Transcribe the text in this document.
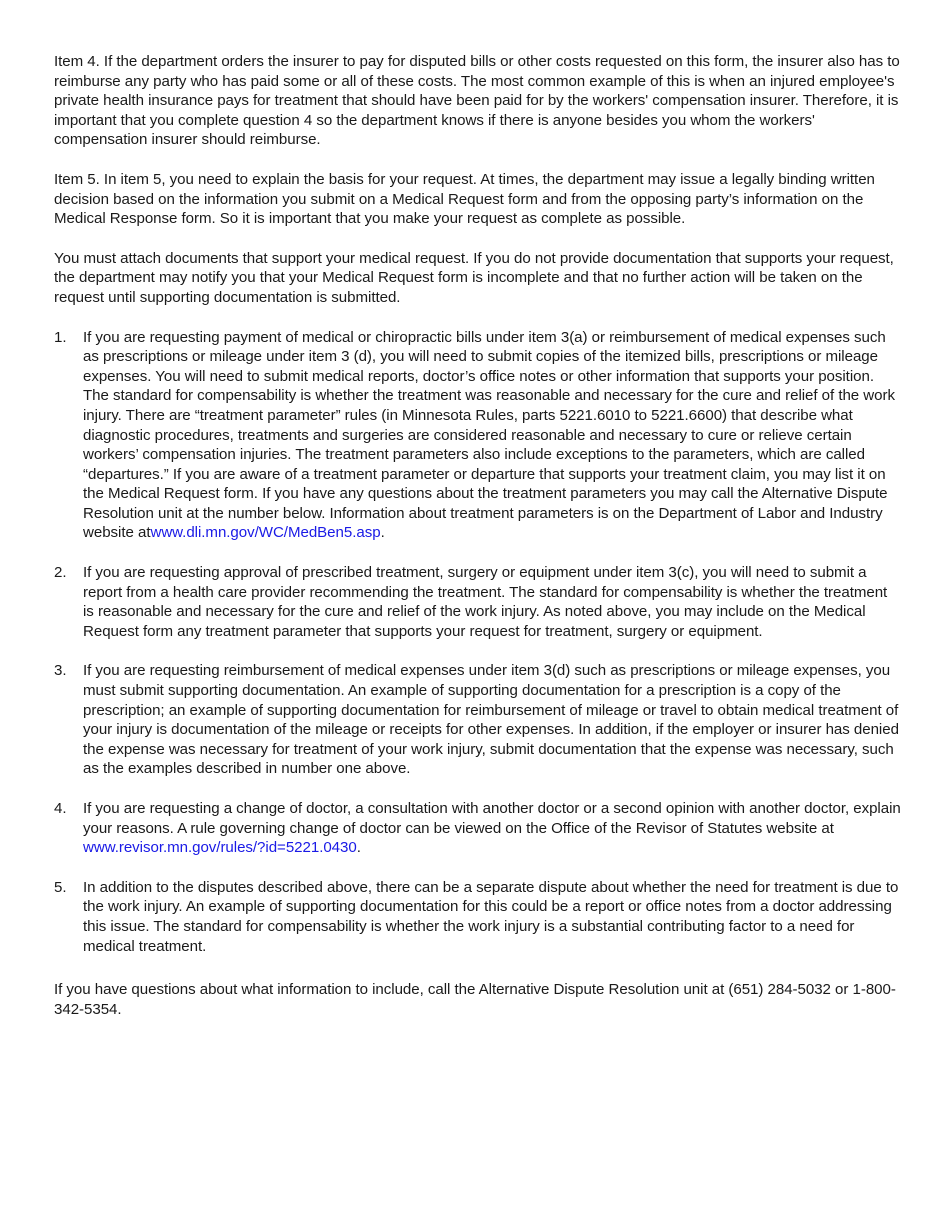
Item 4. If the department orders the insurer to pay for disputed bills or other costs requested on this form, the insurer also has to reimburse any party who has paid some or all of these costs. The most common example of this is when an injured employee's private health insurance pays for treatment that should have been paid for by the workers' compensation insurer. Therefore, it is important that you complete question 4 so the department knows if there is anyone besides you whom the workers' compensation insurer should reimburse.

Item 5. In item 5, you need to explain the basis for your request. At times, the department may issue a legally binding written decision based on the information you submit on a Medical Request form and from the opposing party’s information on the Medical Response form. So it is important that you make your request as complete as possible.

You must attach documents that support your medical request. If you do not provide documentation that supports your request, the department may notify you that your Medical Request form is incomplete and that no further action will be taken on the request until supporting documentation is submitted.

1.	If you are requesting payment of medical or chiropractic bills under item 3(a) or reimbursement of medical expenses such as prescriptions or mileage under item 3 (d), you will need to submit copies of the itemized bills, prescriptions or mileage expenses. You will need to submit medical reports, doctor’s office notes or other information that supports your position. The standard for compensability is whether the treatment was reasonable and necessary for the cure and relief of the work injury. There are “treatment parameter” rules (in Minnesota Rules, parts 5221.6010 to 5221.6600) that describe what diagnostic procedures, treatments and surgeries are considered reasonable and necessary to cure or relieve certain workers’ compensation injuries. The treatment parameters also include exceptions to the parameters, which are called “departures.” If you are aware of a treatment parameter or departure that supports your treatment claim, you may list it on the Medical Request form. If you have any questions about the treatment parameters you may call the Alternative Dispute Resolution unit at the number below. Information about treatment parameters is on the Department of Labor and Industry website atwww.dli.mn.gov/WC/MedBen5.asp.
2.	If you are requesting approval of prescribed treatment, surgery or equipment under item 3(c), you will need to submit a report from a health care provider recommending the treatment. The standard for compensability is whether the treatment is reasonable and necessary for the cure and relief of the work injury. As noted above, you may include on the Medical Request form any treatment parameter that supports your request for treatment, surgery or equipment.
3.	If you are requesting reimbursement of medical expenses under item 3(d) such as prescriptions or mileage expenses, you must submit supporting documentation. An example of supporting documentation for a prescription is a copy of the prescription; an example of supporting documentation for reimbursement of mileage or travel to obtain medical treatment of your injury is documentation of the mileage or receipts for other expenses. In addition, if the employer or insurer has denied the expense was necessary for treatment of your work injury, submit documentation that the expense was necessary, such as the examples described in number one above.
4.	If you are requesting a change of doctor, a consultation with another doctor or a second opinion with another doctor, explain your reasons. A rule governing change of doctor can be viewed on the Office of the Revisor of Statutes website at www.revisor.mn.gov/rules/?id=5221.0430.
5.	In addition to the disputes described above, there can be a separate dispute about whether the need for treatment is due to the work injury. An example of supporting documentation for this could be a report or office notes from a doctor addressing this issue. The standard for compensability is whether the work injury is a substantial contributing factor to a need for medical treatment.

If you have questions about what information to include, call the Alternative Dispute Resolution unit at (651) 284-5032 or 1-800-342-5354.
